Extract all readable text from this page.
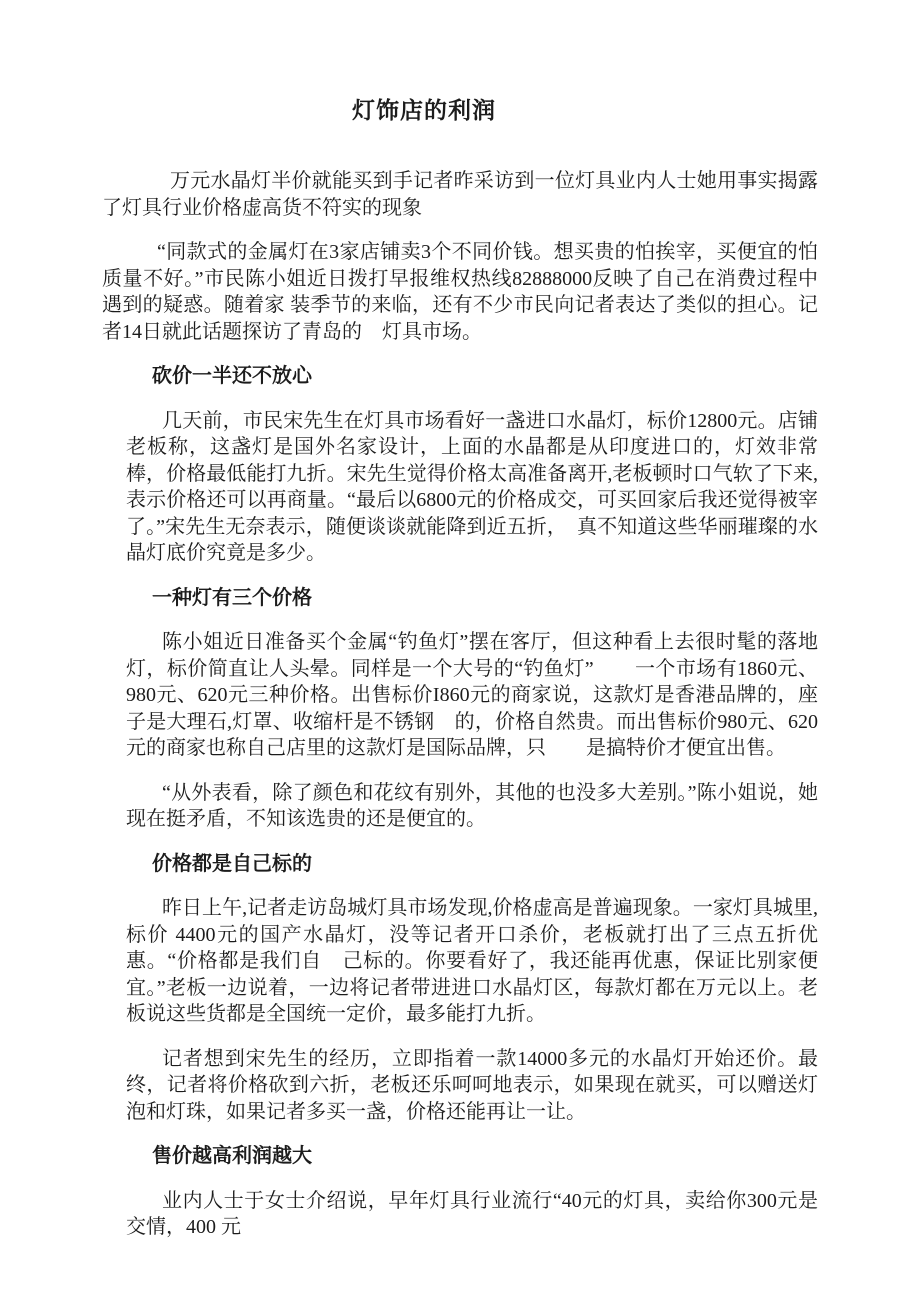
灯饰店的利润

万元水晶灯半价就能买到手记者昨采访到一位灯具业内人士她用事实揭露了灯具行业价格虚高货不符实的现象

“同款式的金属灯在3家店铺卖3个不同价钱。想买贵的怕挨宰，买便宜的怕质量不好。”市民陈小姐近日拨打早报维权热线82888000反映了自己在消费过程中遇到的疑惑。随着家 装季节的来临，还有不少市民向记者表达了类似的担心。记者14日就此话题探访了青岛的　灯具市场。

砍价一半还不放心

几天前，市民宋先生在灯具市场看好一盏进口水晶灯，标价12800元。店铺老板称，这盏灯是国外名家设计，上面的水晶都是从印度进口的，灯效非常棒，价格最低能打九折。宋先生觉得价格太高准备离开,老板顿时口气软了下来,表示价格还可以再商量。“最后以6800元的价格成交，可买回家后我还觉得被宰了。”宋先生无奈表示，随便谈谈就能降到近五折，　真不知道这些华丽璀璨的水晶灯底价究竟是多少。

一种灯有三个价格

陈小姐近日准备买个金属“钓鱼灯”摆在客厅，但这种看上去很时髦的落地灯，标价简直让人头晕。同样是一个大号的“钓鱼灯”　　一个市场有1860元、980元、620元三种价格。出售标价I860元的商家说，这款灯是香港品牌的，座子是大理石,灯罩、收缩杆是不锈钢　的，价格自然贵。而出售标价980元、620元的商家也称自己店里的这款灯是国际品牌，只　　是搞特价才便宜出售。

“从外表看，除了颜色和花纹有别外，其他的也没多大差别。”陈小姐说，她现在挺矛盾，不知该选贵的还是便宜的。

价格都是自己标的

昨日上午,记者走访岛城灯具市场发现,价格虚高是普遍现象。一家灯具城里,标价 4400元的国产水晶灯，没等记者开口杀价，老板就打出了三点五折优惠。“价格都是我们自　己标的。你要看好了，我还能再优惠，保证比别家便宜。”老板一边说着，一边将记者带进进口水晶灯区，每款灯都在万元以上。老板说这些货都是全国统一定价，最多能打九折。

记者想到宋先生的经历，立即指着一款14000多元的水晶灯开始还价。最终，记者将价格砍到六折，老板还乐呵呵地表示，如果现在就买，可以赠送灯泡和灯珠，如果记者多买一盏，价格还能再让一让。

售价越高利润越大

业内人士于女士介绍说，早年灯具行业流行“40元的灯具，卖给你300元是交情，400 元
